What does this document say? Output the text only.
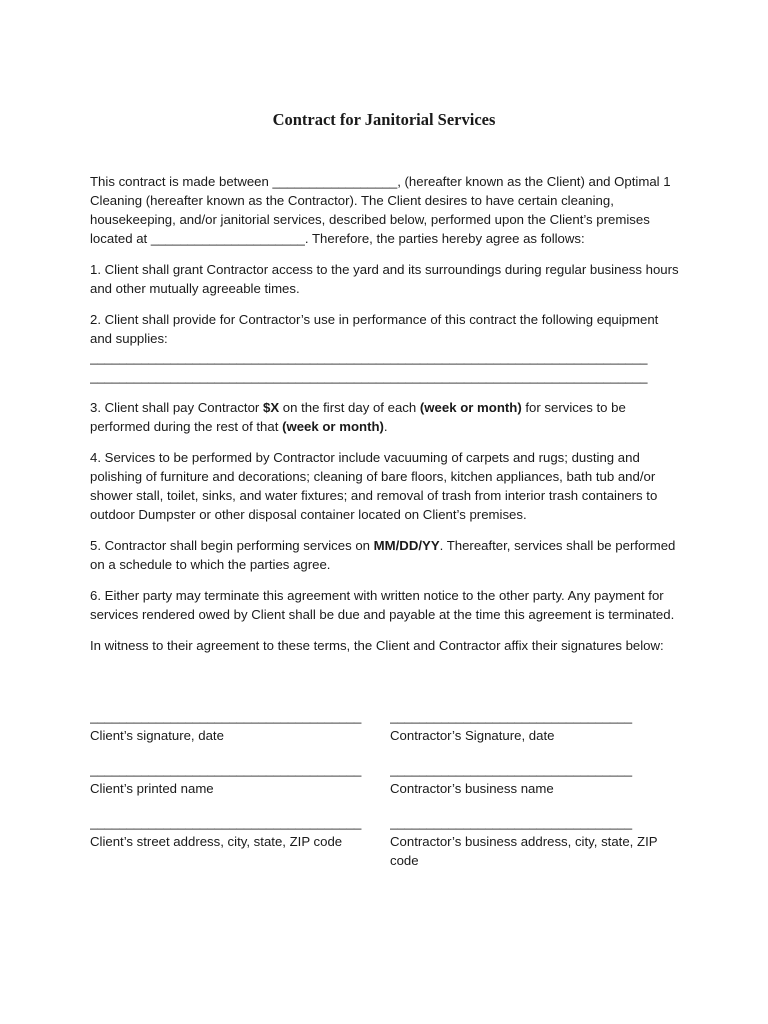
Contract for Janitorial Services

This contract is made between _________________, (hereafter known as the Client) and Optimal 1 Cleaning (hereafter known as the Contractor). The Client desires to have certain cleaning, housekeeping, and/or janitorial services, described below, performed upon the Client’s premises located at _____________________. Therefore, the parties hereby agree as follows:

1. Client shall grant Contractor access to the yard and its surroundings during regular business hours and other mutually agreeable times.

2. Client shall provide for Contractor’s use in performance of this contract the following equipment and supplies:

____________________________________________________________________________
____________________________________________________________________________

3. Client shall pay Contractor $X on the first day of each (week or month) for services to be performed during the rest of that (week or month).

4. Services to be performed by Contractor include vacuuming of carpets and rugs; dusting and polishing of furniture and decorations; cleaning of bare floors, kitchen appliances, bath tub and/or shower stall, toilet, sinks, and water fixtures; and removal of trash from interior trash containers to outdoor Dumpster or other disposal container located on Client’s premises.

5. Contractor shall begin performing services on MM/DD/YY. Thereafter, services shall be performed on a schedule to which the parties agree.

6. Either party may terminate this agreement with written notice to the other party. Any payment for services rendered owed by Client shall be due and payable at the time this agreement is terminated.

In witness to their agreement to these terms, the Client and Contractor affix their signatures below:

_____________________________________
Client’s signature, date
_________________________________
Contractor’s Signature, date
_____________________________________
Client’s printed name
_________________________________
Contractor’s business name
_____________________________________
Client’s street address, city, state, ZIP code
_________________________________
Contractor’s business address, city, state, ZIP code
